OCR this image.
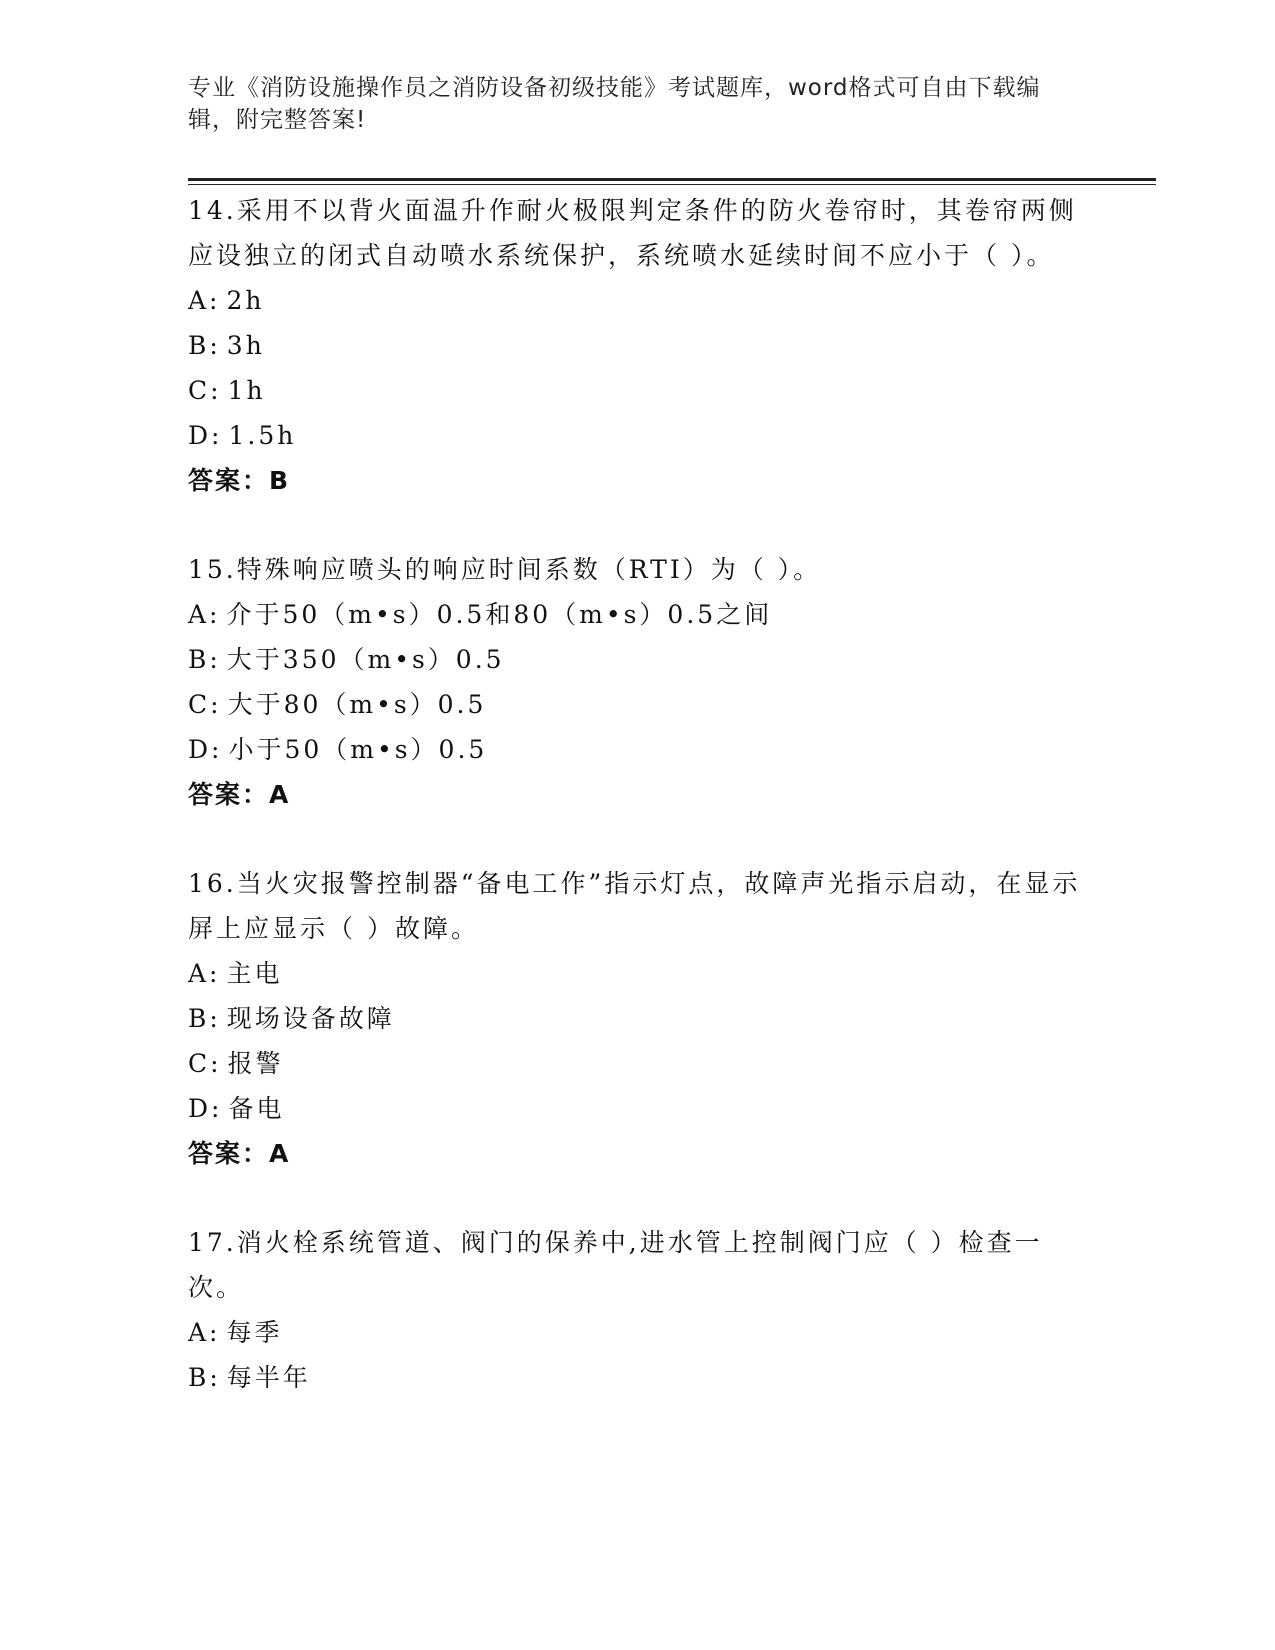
专业《消防设施操作员之消防设备初级技能》考试题库，word格式可自由下载编辑，附完整答案!
14.采用不以背火面温升作耐火极限判定条件的防火卷帘时，其卷帘两侧应设独立的闭式自动喷水系统保护，系统喷水延续时间不应小于（ ）。
A: 2h
B: 3h
C: 1h
D: 1.5h
答案：B
15.特殊响应喷头的响应时间系数（RTI）为（ ）。
A: 介于50（m•s）0.5和80（m•s）0.5之间
B: 大于350（m•s）0.5
C: 大于80（m•s）0.5
D: 小于50（m•s）0.5
答案：A
16.当火灾报警控制器“备电工作”指示灯点，故障声光指示启动，在显示屏上应显示（ ）故障。
A: 主电
B: 现场设备故障
C: 报警
D: 备电
答案：A
17.消火栓系统管道、阀门的保养中,进水管上控制阀门应（ ）检查一次。
A: 每季
B: 每半年
